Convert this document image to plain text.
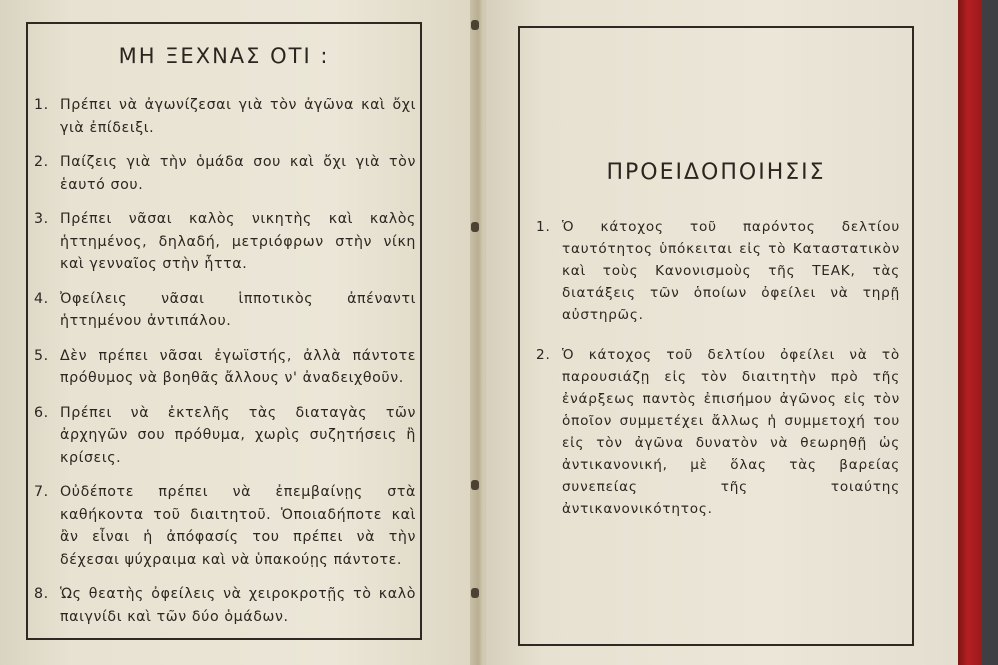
ΜΗ ΞΕΧΝΑΣ ΟΤΙ :
1. Πρέπει νὰ ἀγωνίζεσαι γιὰ τὸν ἀγῶνα καὶ ὄχι γιὰ ἐπίδειξι.
2. Παίζεις γιὰ τὴν ὁμάδα σου καὶ ὄχι γιὰ τὸν ἑαυτό σου.
3. Πρέπει νᾶσαι καλὸς νικητὴς καὶ καλὸς ἡττημένος, δηλαδή, μετριόφρων στὴν νίκη καὶ γενναῖος στὴν ἧττα.
4. Ὀφείλεις νᾶσαι ἱπποτικὸς ἀπέναντι ἡττημένου ἀντιπάλου.
5. Δὲν πρέπει νᾶσαι ἐγωϊστής, ἀλλὰ πάντοτε πρόθυμος νὰ βοηθᾶς ἄλλους ν' ἀναδειχθοῦν.
6. Πρέπει νὰ ἐκτελῆς τὰς διαταγὰς τῶν ἀρχηγῶν σου πρόθυμα, χωρὶς συζητήσεις ἢ κρίσεις.
7. Οὐδέποτε πρέπει νὰ ἐπεμβαίνῃς στὰ καθήκοντα τοῦ διαιτητοῦ. Ὁποιαδήποτε καὶ ἂν εἶναι ἡ ἀπόφασίς του πρέπει νὰ τὴν δέχεσαι ψύχραιμα καὶ νὰ ὑπακούῃς πάντοτε.
8. Ὡς θεατὴς ὀφείλεις νὰ χειροκροτῇς τὸ καλὸ παιγνίδι καὶ τῶν δύο ὁμάδων.
ΠΡΟΕΙΔΟΠΟΙΗΣΙΣ
1. Ὁ κάτοχος τοῦ παρόντος δελτίου ταυτότητος ὑπόκειται εἰς τὸ Καταστατικὸν καὶ τοὺς Κανονισμοὺς τῆς ΤΕΑΚ, τὰς διατάξεις τῶν ὁποίων ὀφείλει νὰ τηρῇ αὐστηρῶς.
2. Ὁ κάτοχος τοῦ δελτίου ὀφείλει νὰ τὸ παρουσιάζῃ εἰς τὸν διαιτητὴν πρὸ τῆς ἐνάρξεως παντὸς ἐπισήμου ἀγῶνος εἰς τὸν ὁποῖον συμμετέχει ἄλλως ἡ συμμετοχή του εἰς τὸν ἀγῶνα δυνατὸν νὰ θεωρηθῇ ὡς ἀντικανονική, μὲ ὅλας τὰς βαρείας συνεπείας τῆς τοιαύτης ἀντικανονικότητος.
